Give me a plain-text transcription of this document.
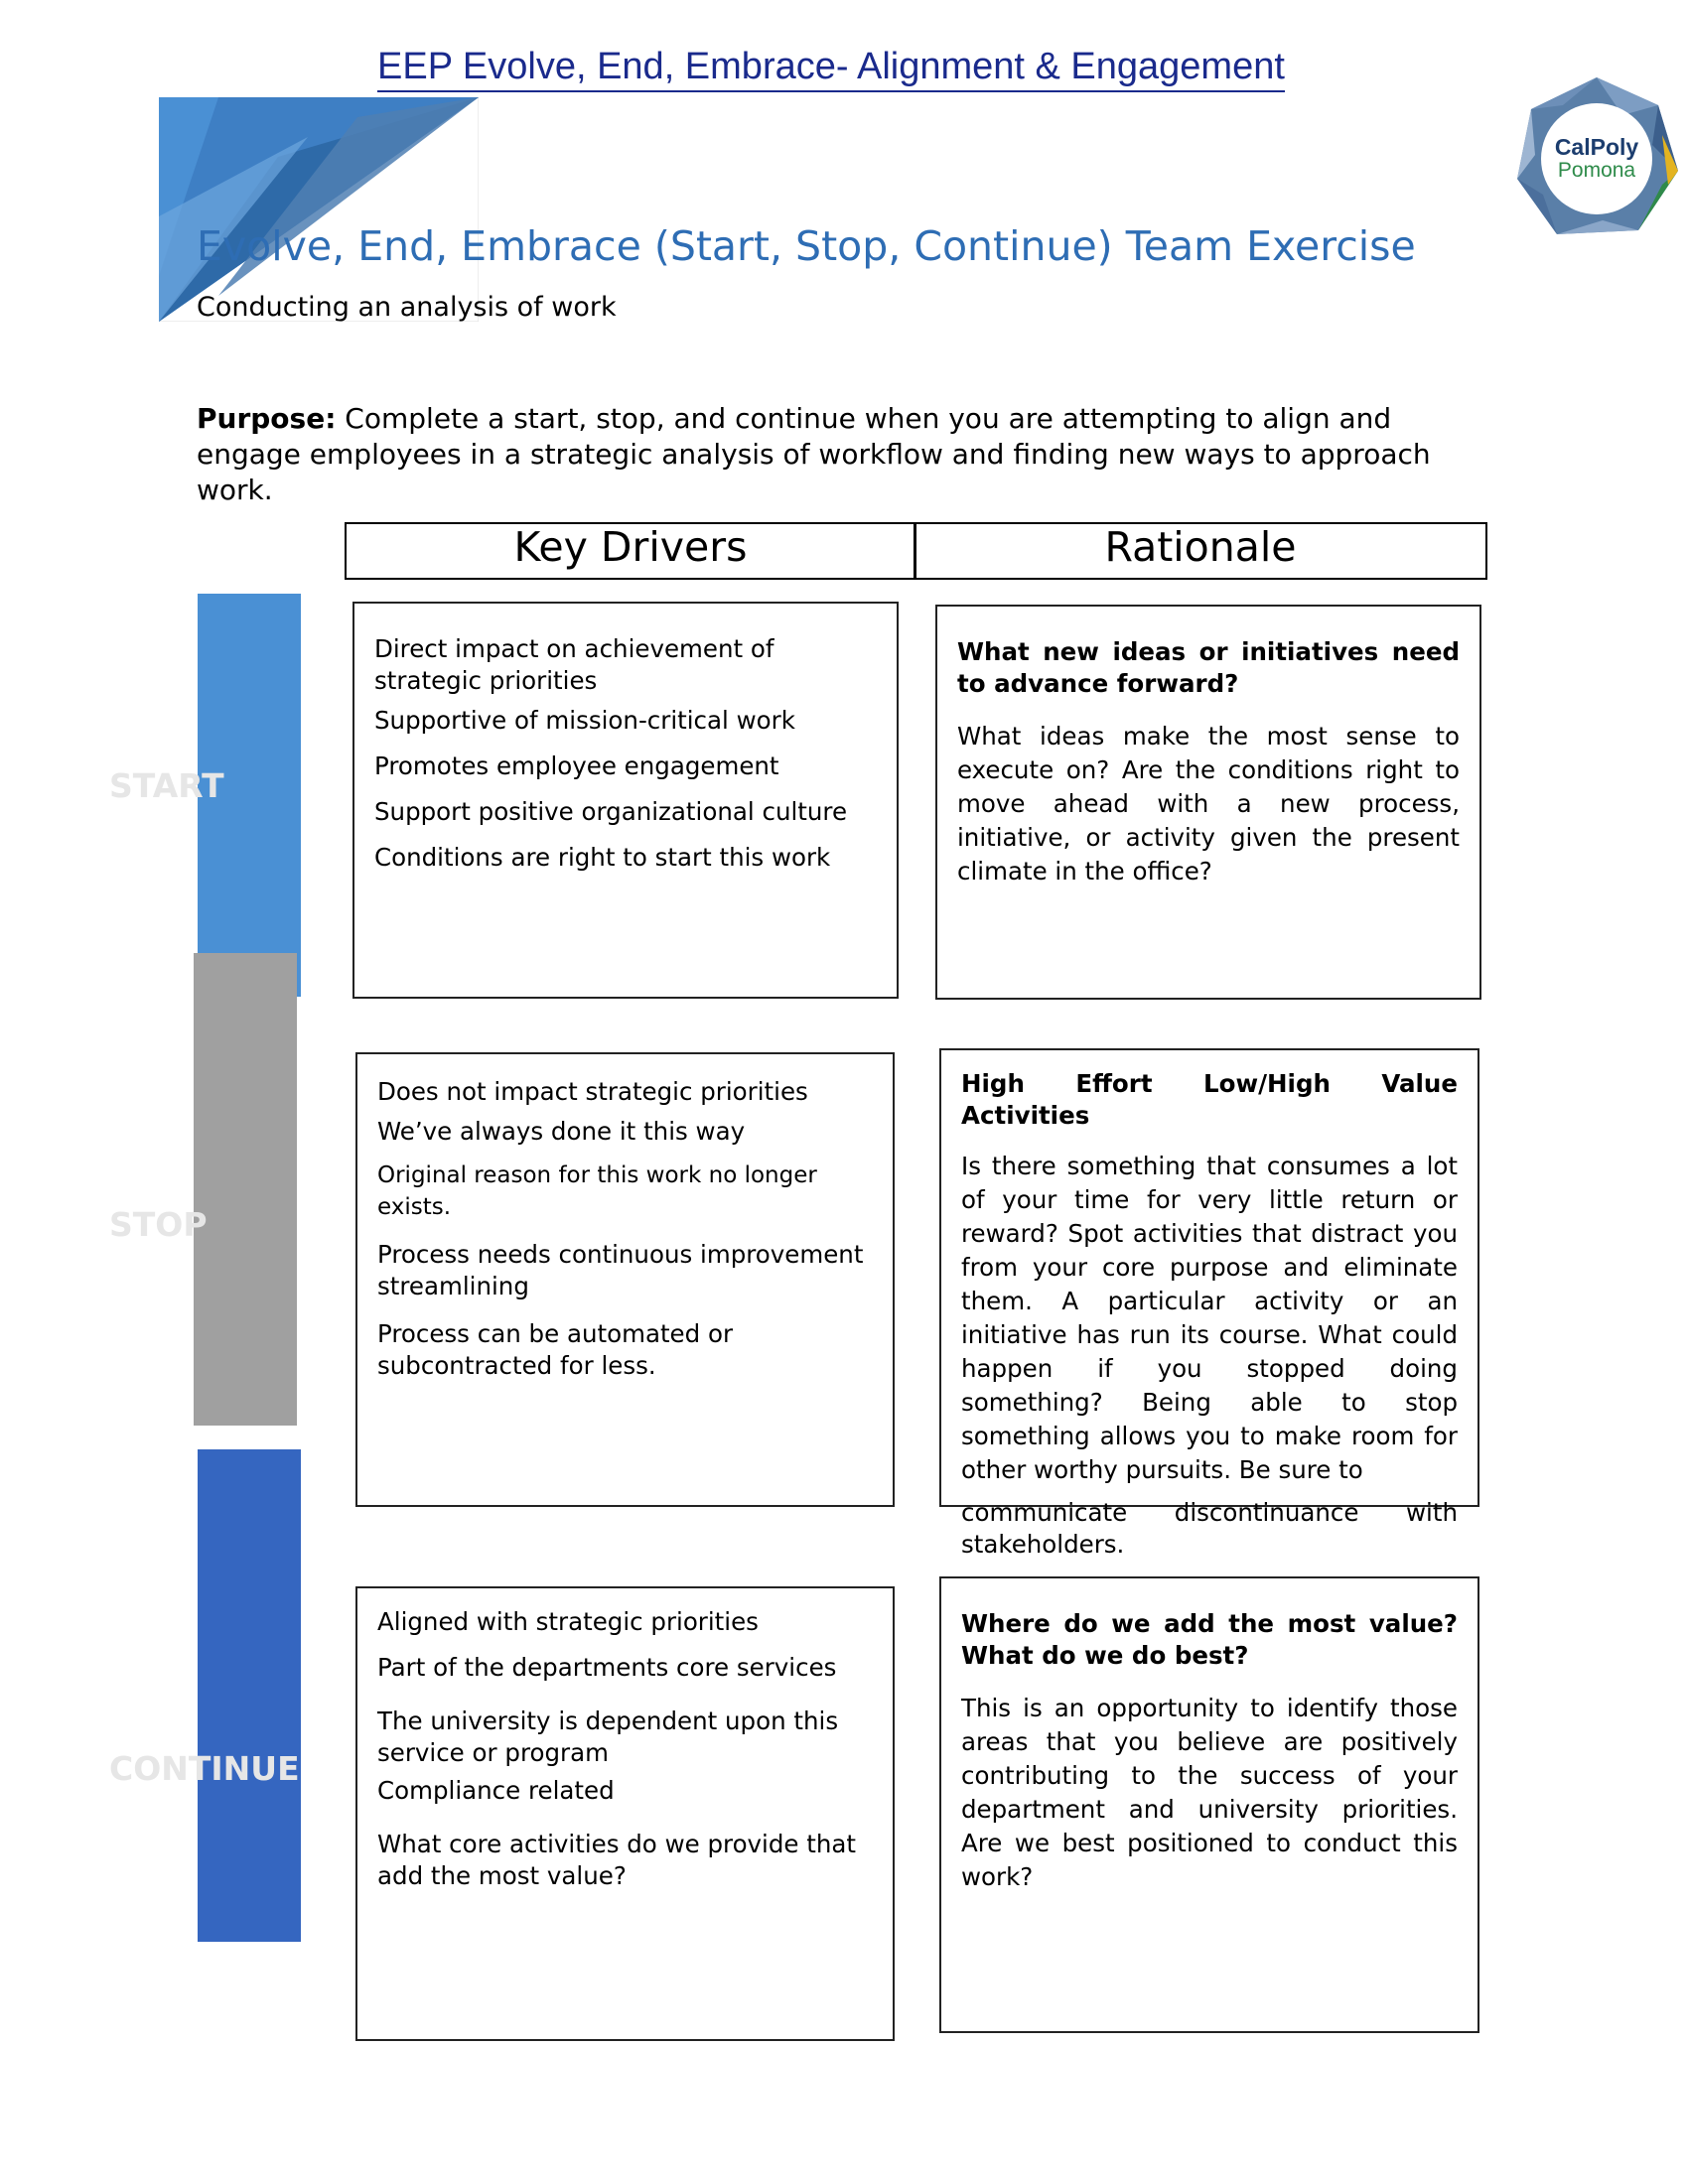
EEP Evolve, End, Embrace- Alignment & Engagement
CalPoly
Pomona
Evolve, End, Embrace (Start, Stop, Continue) Team Exercise
Conducting an analysis of work
Purpose: Complete a start, stop, and continue when you are attempting to align and engage employees in a strategic analysis of workflow and finding new ways to approach work.
Key Drivers	Rationale
START
STOP
CONTINUE

Direct impact on achievement of strategic priorities

Supportive of mission-critical work

Promotes employee engagement

Support positive organizational culture

Conditions are right to start this work

What new ideas or initiatives need to advance forward?

What ideas make the most sense to execute on? Are the conditions right to move ahead with a new process, initiative, or activity given the present climate in the office?

Does not impact strategic priorities

We’ve always done it this way

Original reason for this work no longer exists.

Process needs continuous improvement streamlining

Process can be automated or subcontracted for less.

High Effort Low/High Value Activities

Is there something that consumes a lot of your time for very little return or reward? Spot activities that distract you from your core purpose and eliminate them. A particular activity or an initiative has run its course. What could happen if you stopped doing something? Being able to stop something allows you to make room for other worthy pursuits. Be sure to

communicate discontinuance with stakeholders.

Aligned with strategic priorities

Part of the departments core services

The university is dependent upon this service or program

Compliance related

What core activities do we provide that add the most value?

Where do we add the most value? What do we do best?

This is an opportunity to identify those areas that you believe are positively contributing to the success of your department and university priorities. Are we best positioned to conduct this work?
